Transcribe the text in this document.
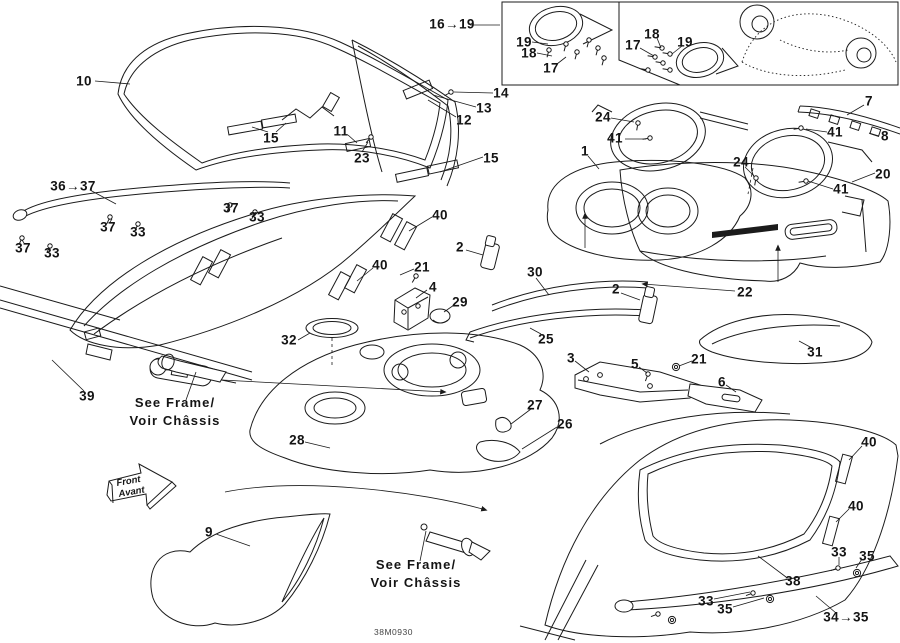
Front
Avant
16→19
19
18
17
17
18
19
10
15	11
23
14
13
12
15
36→37
37 33
37
33
37 33
40
2
40 21
4
29
30
32	25
1
24
41
24
7
41	8
20
41
2	22
31
3	5	21
6
27
26
39
28
9
40
40
33 35
38
33
35
34→35
See Frame/
Voir Châssis
See Frame/
Voir Châssis
38M0930
